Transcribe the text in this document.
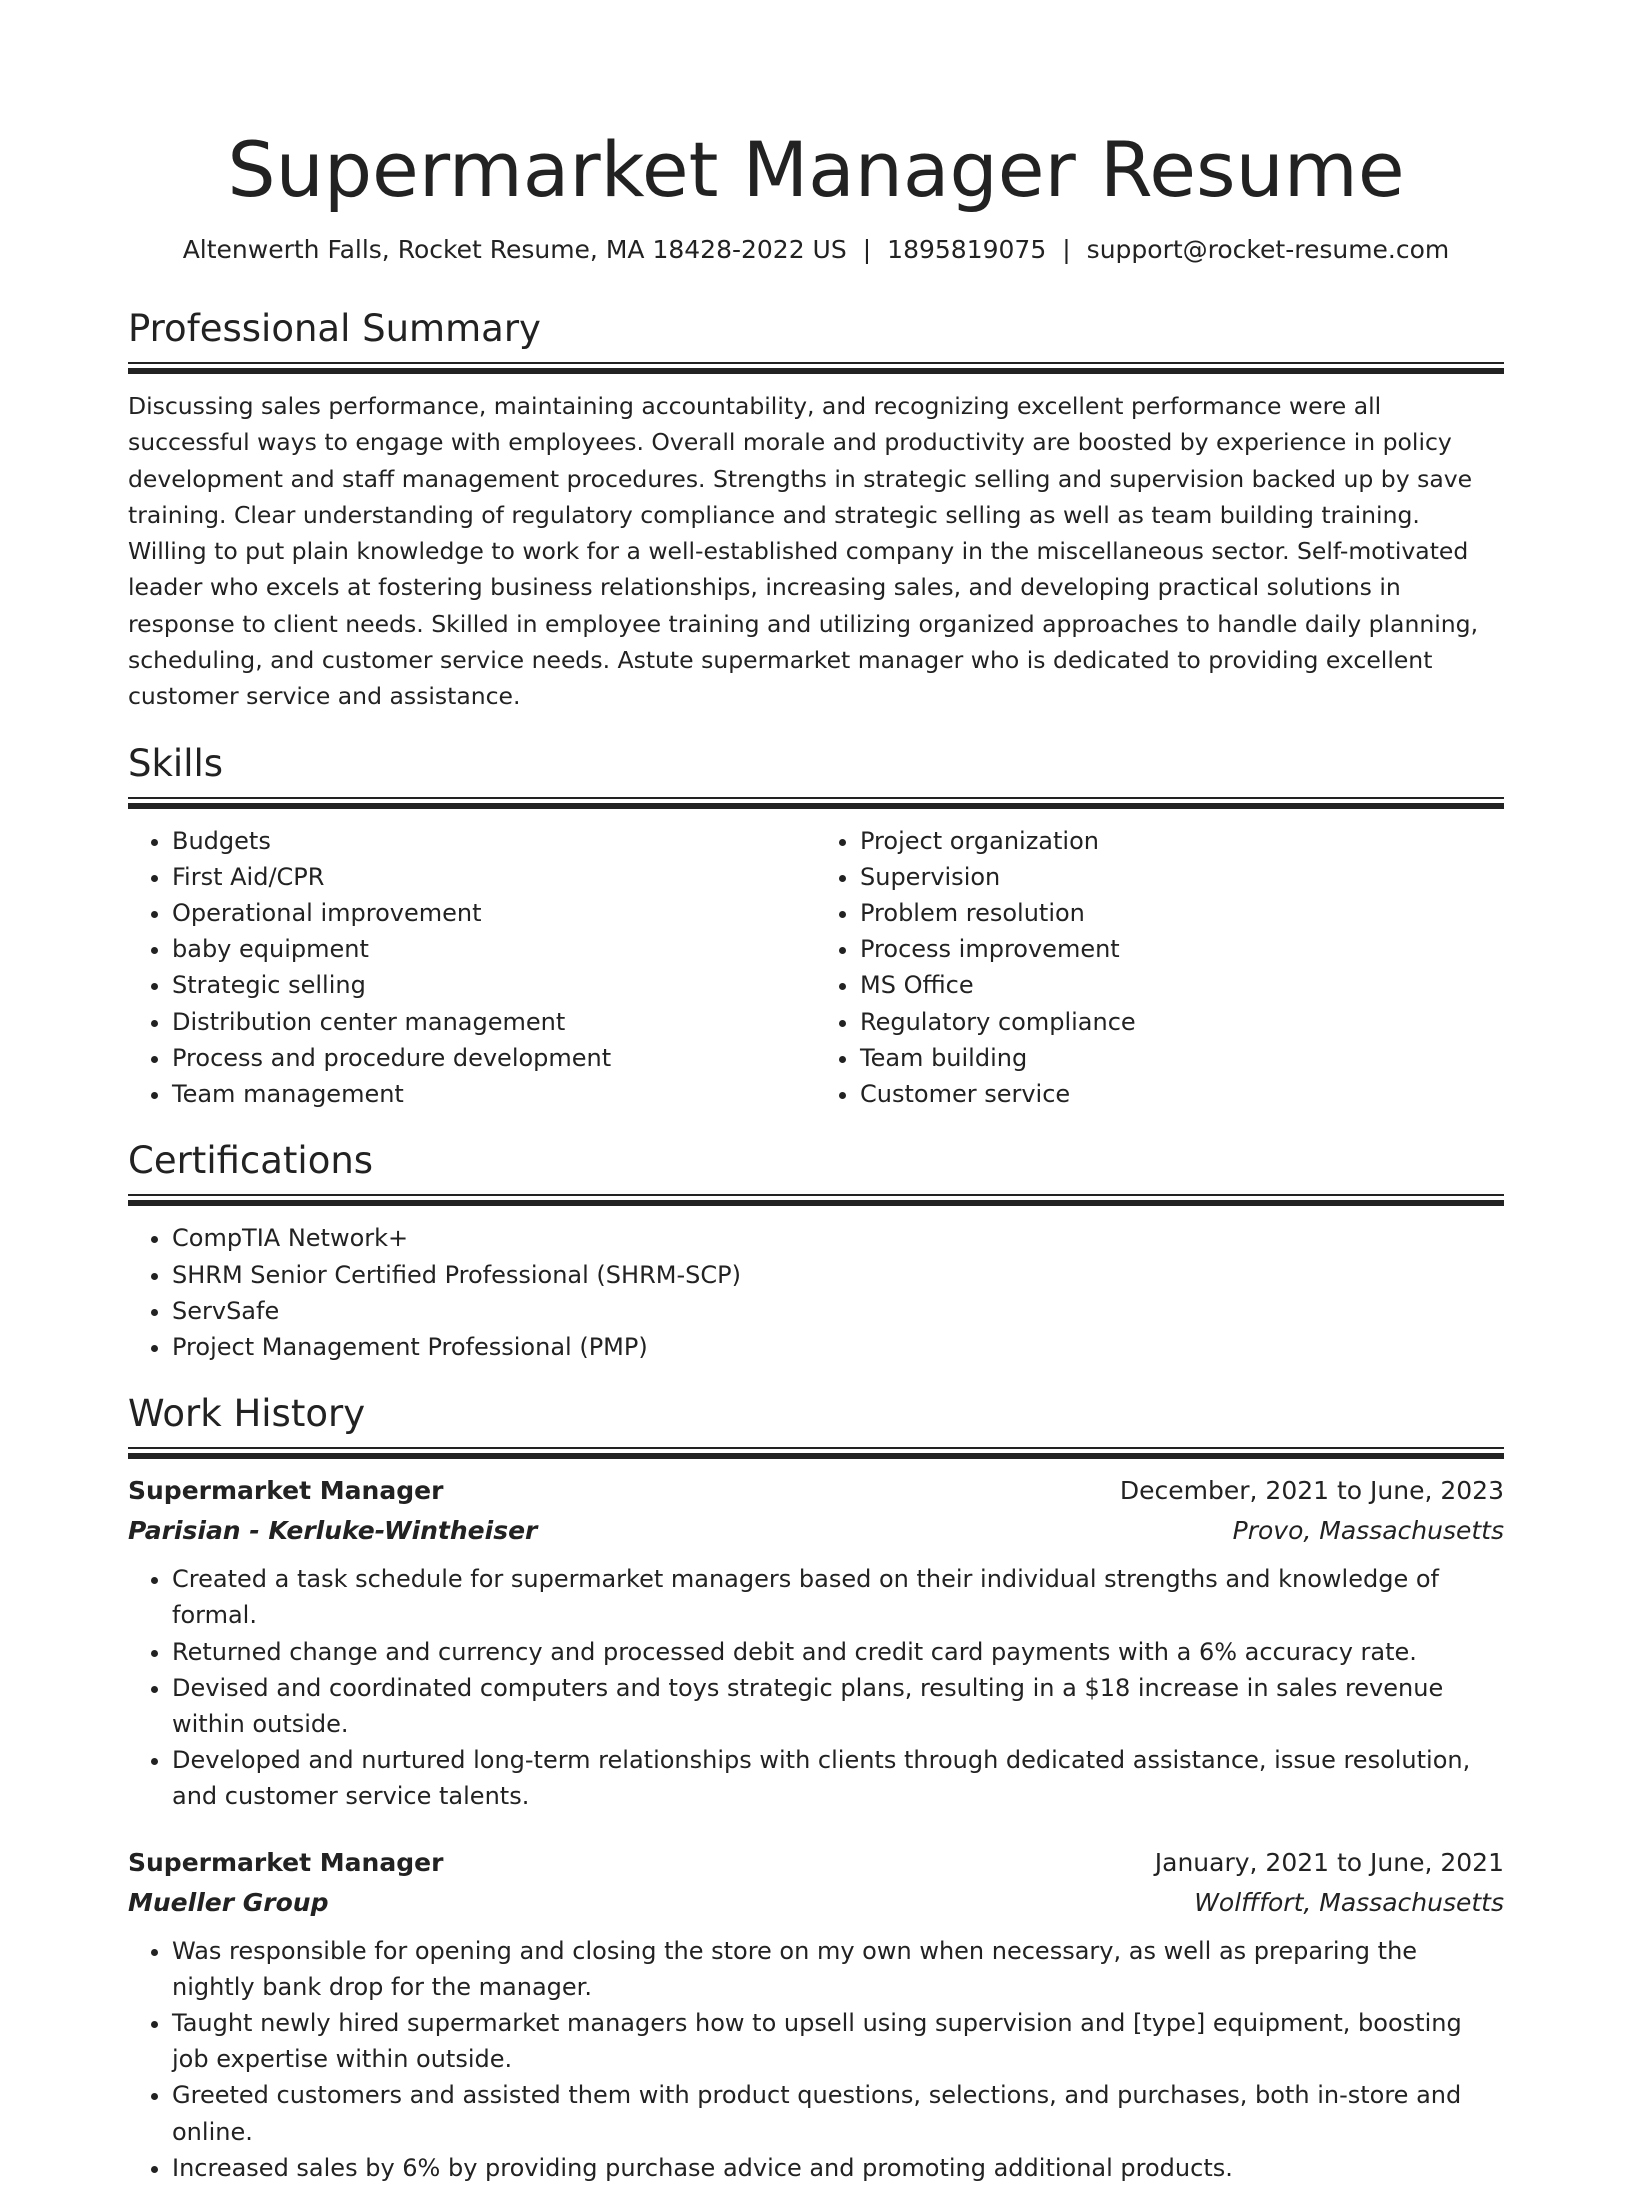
Supermarket Manager Resume
Altenwerth Falls, Rocket Resume, MA 18428-2022 US | 1895819075 | support@rocket-resume.com
Professional Summary

Discussing sales performance, maintaining accountability, and recognizing excellent performance were all successful ways to engage with employees. Overall morale and productivity are boosted by experience in policy development and staff management procedures. Strengths in strategic selling and supervision backed up by save training. Clear understanding of regulatory compliance and strategic selling as well as team building training. Willing to put plain knowledge to work for a well-established company in the miscellaneous sector. Self-motivated leader who excels at fostering business relationships, increasing sales, and developing practical solutions in response to client needs. Skilled in employee training and utilizing organized approaches to handle daily planning, scheduling, and customer service needs. Astute supermarket manager who is dedicated to providing excellent customer service and assistance.

Skills
• Budgets
• First Aid/CPR
• Operational improvement
• baby equipment
• Strategic selling
• Distribution center management
• Process and procedure development
• Team management
• Project organization
• Supervision
• Problem resolution
• Process improvement
• MS Office
• Regulatory compliance
• Team building
• Customer service
Certifications
• CompTIA Network+
• SHRM Senior Certified Professional (SHRM-SCP)
• ServSafe
• Project Management Professional (PMP)
Work History
Supermarket Manager	December, 2021 to June, 2023
Parisian - Kerluke-Wintheiser	Provo, Massachusetts
• Created a task schedule for supermarket managers based on their individual strengths and knowledge of formal.
• Returned change and currency and processed debit and credit card payments with a 6% accuracy rate.
• Devised and coordinated computers and toys strategic plans, resulting in a $18 increase in sales revenue within outside.
• Developed and nurtured long-term relationships with clients through dedicated assistance, issue resolution, and customer service talents.
Supermarket Manager	January, 2021 to June, 2021
Mueller Group	Wolfffort, Massachusetts
• Was responsible for opening and closing the store on my own when necessary, as well as preparing the nightly bank drop for the manager.
• Taught newly hired supermarket managers how to upsell using supervision and [type] equipment, boosting job expertise within outside.
• Greeted customers and assisted them with product questions, selections, and purchases, both in-store and online.
• Increased sales by 6% by providing purchase advice and promoting additional products.
